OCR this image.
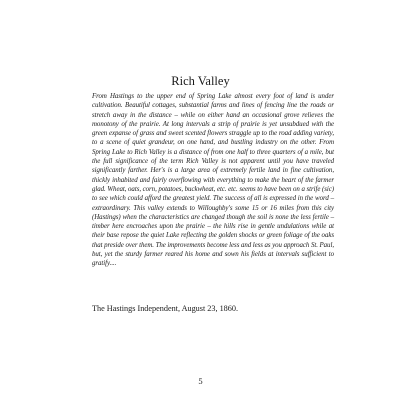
Rich Valley

From Hastings to the upper end of Spring Lake almost every foot of land is under cultivation. Beautiful cottages, substantial farms and lines of fencing line the roads or stretch away in the distance – while on either hand an occasional grove relieves the monotony of the prairie. At long intervals a strip of prairie is yet unsubdued with the green expanse of grass and sweet scented flowers straggle up to the road adding variety, to a scene of quiet grandeur, on one hand, and bustling industry on the other. From Spring Lake to Rich Valley is a distance of from one half to three quarters of a mile, but the full significance of the term Rich Valley is not apparent until you have traveled significantly farther. Her's is a large area of extremely fertile land in fine cultivation, thickly inhabited and fairly overflowing with everything to make the heart of the farmer glad. Wheat, oats, corn, potatoes, buckwheat, etc. etc. seems to have been on a strife (sic) to see which could afford the greatest yield. The success of all is expressed in the word – extraordinary. This valley extends to Willoughby's some 15 or 16 miles from this city (Hastings) when the characteristics are changed though the soil is none the less fertile – timber here encroaches upon the prairie – the hills rise in gentle undulations while at their base repose the quiet Lake reflecting the golden shocks or green foliage of the oaks that preside over them. The improvements become less and less as you approach St. Paul, but, yet the sturdy farmer reared his home and sown his fields at intervals sufficient to gratify....

The Hastings Independent, August 23, 1860.
5
